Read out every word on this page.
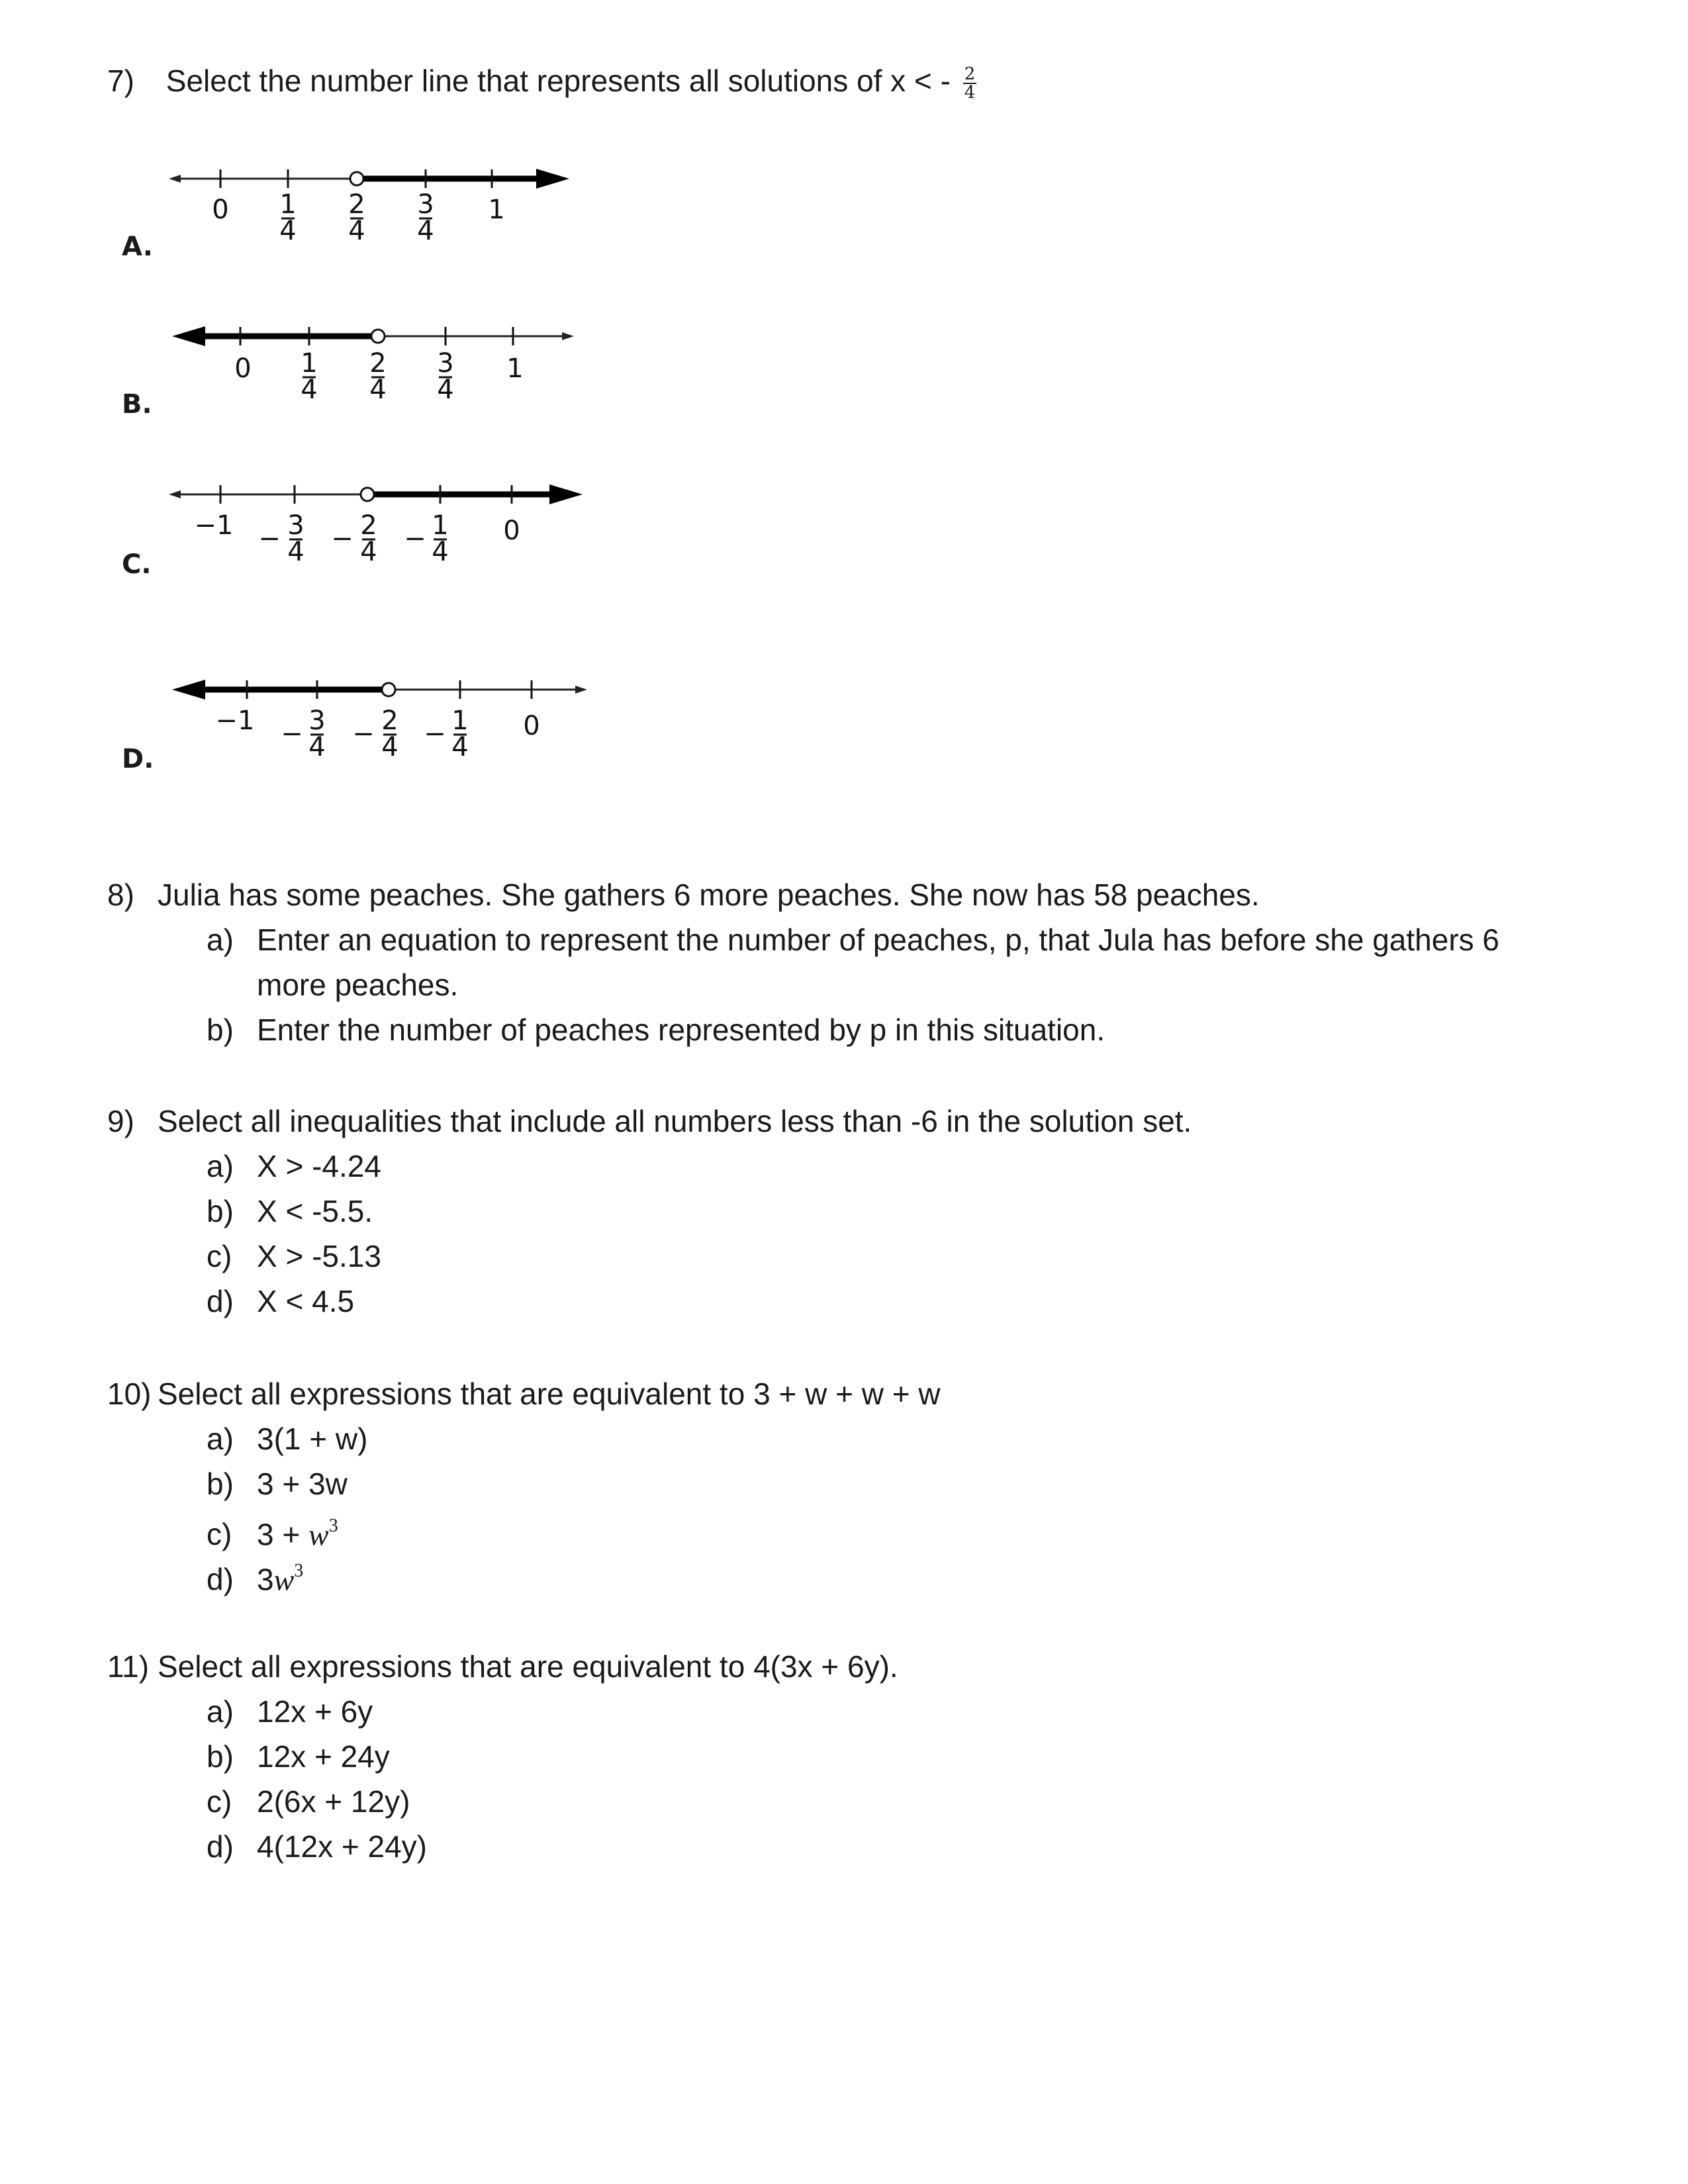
7) Select the number line that represents all solutions of x < - $\frac{2}{4}$
A.
0 1
4
2
4
3
4
1
B.
0 1
4
2
4
3
4
1
C.
−1 − 3
4 − 2
4 − 1
4
0
D.
−1 − 3
4 − 2
4 − 1
4
0
8) Julia has some peaches. She gathers 6 more peaches. She now has 58 peaches.
a) Enter an equation to represent the number of peaches, p, that Jula has before she gathers 6
more peaches.
b) Enter the number of peaches represented by p in this situation.
9) Select all inequalities that include all numbers less than -6 in the solution set.
a) X > -4.24
b) X < -5.5.
c) X > -5.13
d) X < 4.5
10) Select all expressions that are equivalent to 3 + w + w + w
a) 3(1 + w)
b) 3 + 3w
c) $3 + w^3$
d) $3w^3$
11) Select all expressions that are equivalent to 4(3x + 6y).
a) 12x + 6y
b) 12x + 24y
c) 2(6x + 12y)
d) 4(12x + 24y)
